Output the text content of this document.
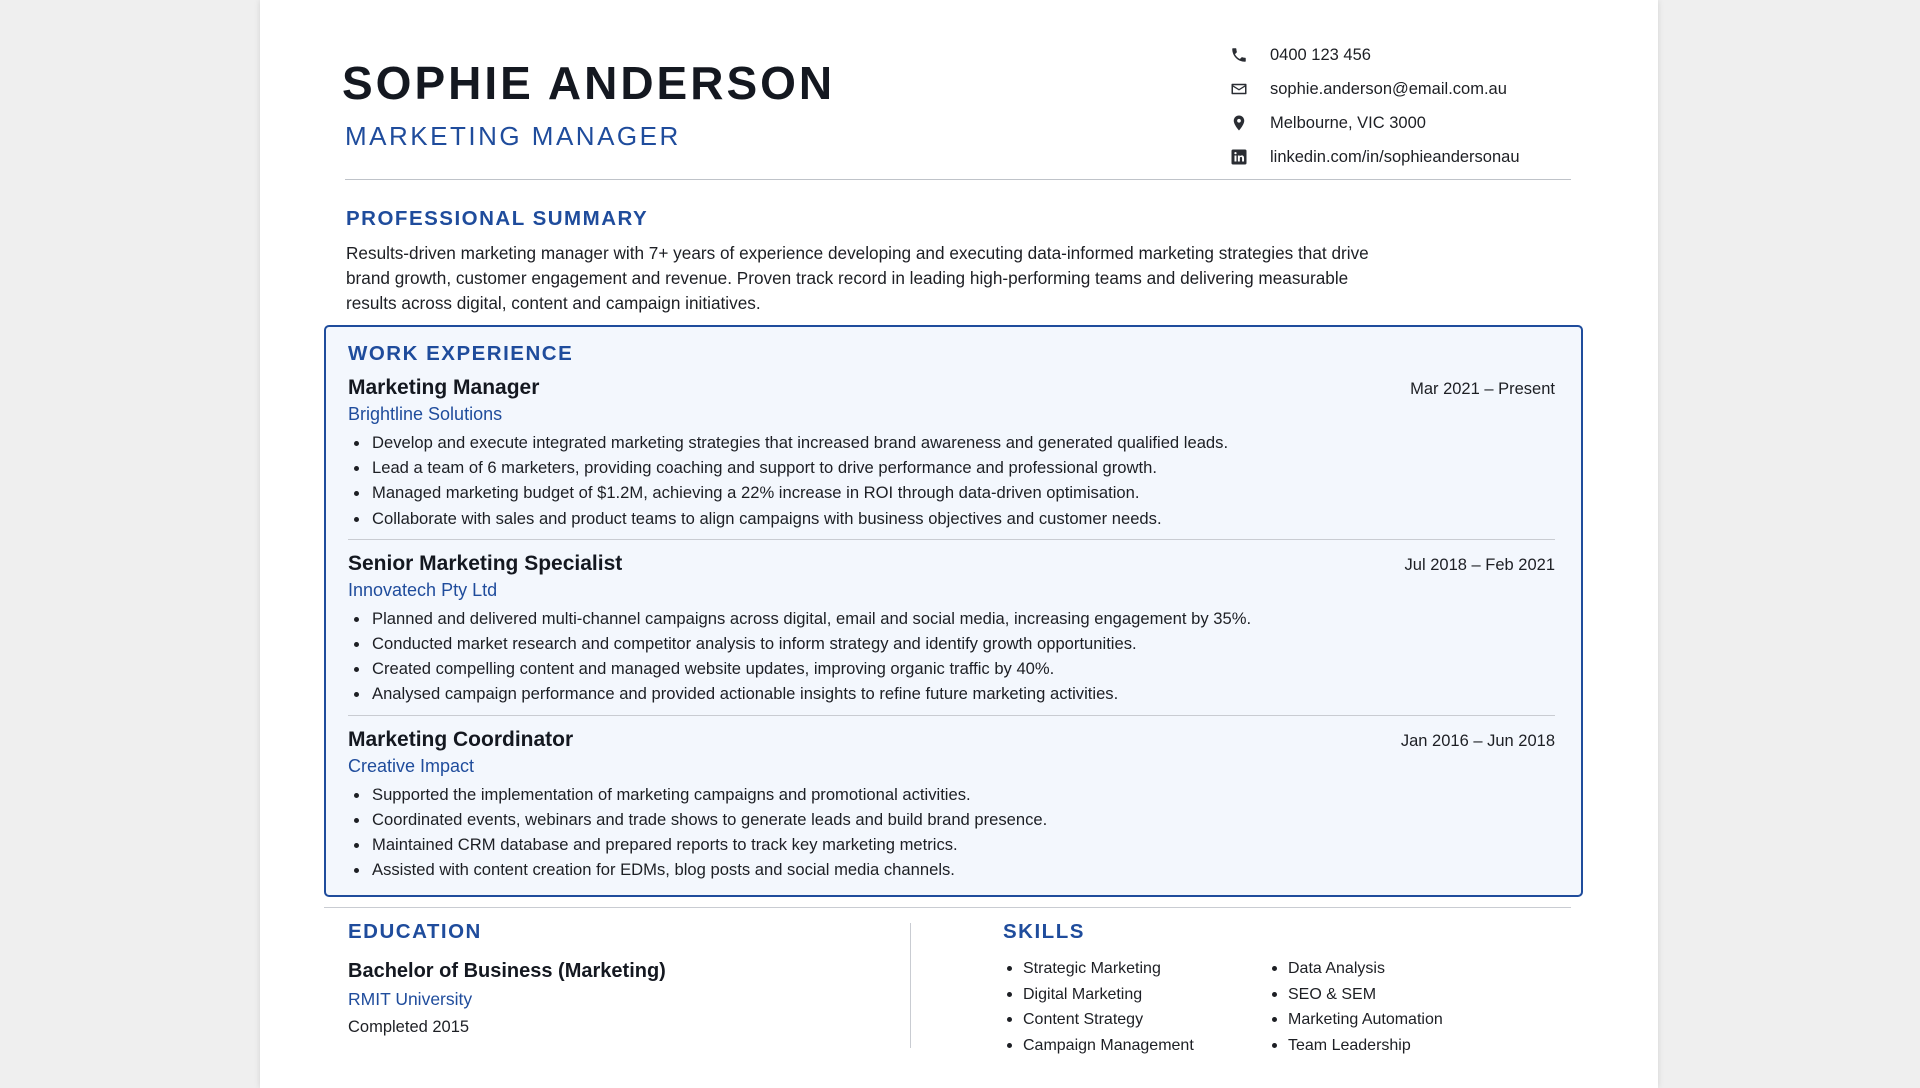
SOPHIE ANDERSON
MARKETING MANAGER
0400 123 456
sophie.anderson@email.com.au
Melbourne, VIC 3000
linkedin.com/in/sophieandersonau
PROFESSIONAL SUMMARY

Results-driven marketing manager with 7+ years of experience developing and executing data-informed marketing strategies that drive brand growth, customer engagement and revenue. Proven track record in leading high-performing teams and delivering measurable results across digital, content and campaign initiatives.

WORK EXPERIENCE
Marketing Manager	Mar 2021 – Present
Brightline Solutions
Develop and execute integrated marketing strategies that increased brand awareness and generated qualified leads.
Lead a team of 6 marketers, providing coaching and support to drive performance and professional growth.
Managed marketing budget of $1.2M, achieving a 22% increase in ROI through data-driven optimisation.
Collaborate with sales and product teams to align campaigns with business objectives and customer needs.
Senior Marketing Specialist	Jul 2018 – Feb 2021
Innovatech Pty Ltd
Planned and delivered multi-channel campaigns across digital, email and social media, increasing engagement by 35%.
Conducted market research and competitor analysis to inform strategy and identify growth opportunities.
Created compelling content and managed website updates, improving organic traffic by 40%.
Analysed campaign performance and provided actionable insights to refine future marketing activities.
Marketing Coordinator	Jan 2016 – Jun 2018
Creative Impact
Supported the implementation of marketing campaigns and promotional activities.
Coordinated events, webinars and trade shows to generate leads and build brand presence.
Maintained CRM database and prepared reports to track key marketing metrics.
Assisted with content creation for EDMs, blog posts and social media channels.
EDUCATION
Bachelor of Business (Marketing)
RMIT University
Completed 2015
SKILLS
Strategic Marketing
Digital Marketing
Content Strategy
Campaign Management
Data Analysis
SEO & SEM
Marketing Automation
Team Leadership
